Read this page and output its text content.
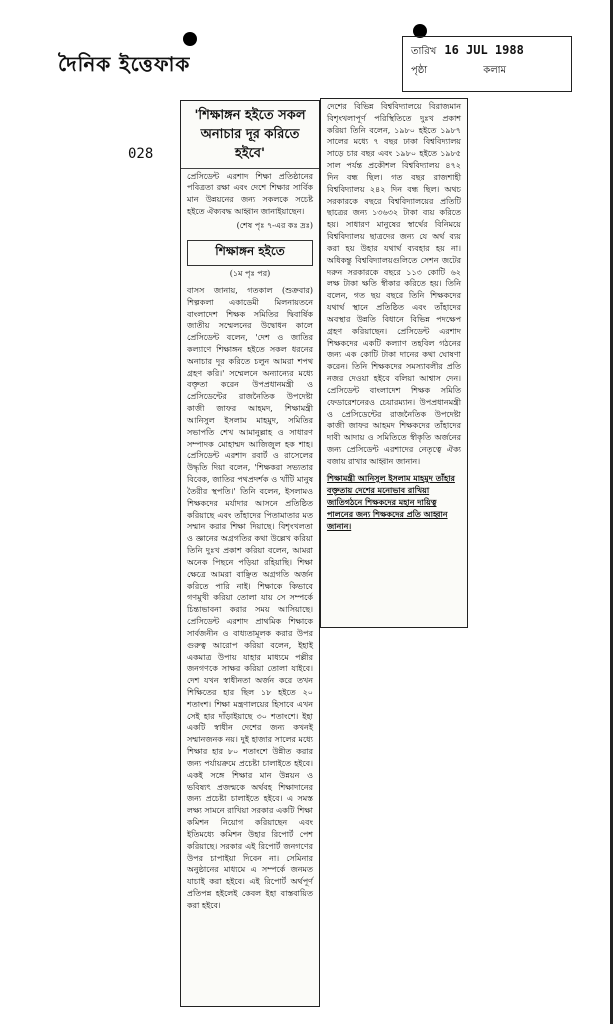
দৈনিক ইত্তেফাক
028
তারিখ 16 JUL 1988
পৃষ্ঠা	কলাম
'শিক্ষাঙ্গন হইতে সকল অনাচার দূর করিতে হইবে'
প্রেসিডেন্ট এরশাদ শিক্ষা প্রতিষ্ঠানের পবিত্রতা রক্ষা এবং দেশে শিক্ষার সার্বিক মান উন্নয়নের জন্য সকলকে সচেষ্ট হইতে ঐক্যবদ্ধ আহ্বান জানাইয়াছেন।
(শেষ পৃঃ ৭-এর কঃ দ্রঃ)
শিক্ষাঙ্গন হইতে
(১ম পৃঃ পর)
বাসস জানায়, গতকাল (শুক্রবার) শিল্পকলা একাডেমী মিলনায়তনে বাংলাদেশ শিক্ষক সমিতির দ্বিবার্ষিক জাতীয় সম্মেলনের উদ্বোধন কালে প্রেসিডেন্ট বলেন, 'দেশ ও জাতির কল্যাণে শিক্ষাঙ্গন হইতে সকল ধরনের অনাচার দূর করিতে চলুন আমরা শপথ গ্রহণ করি।' সম্মেলনে অন্যান্যের মধ্যে বক্তৃতা করেন উপপ্রধানমন্ত্রী ও প্রেসিডেন্টের রাজনৈতিক উপদেষ্টা কাজী জাফর আহমদ, শিক্ষামন্ত্রী আনিসুল ইসলাম মাহমুদ, সমিতির সভাপতি শেখ আমানুল্লাহ ও সাধারণ সম্পাদক মোহাম্মদ আজিজুল হক শাহ। প্রেসিডেন্ট এরশাদ রবার্ট ও রাসেলের উদ্ধৃতি দিয়া বলেন, 'শিক্ষকরা সভ্যতার বিবেক, জাতির পথপ্রদর্শক ও খাঁটি মানুষ তৈরীর স্থপতি।' তিনি বলেন, ইসলামও শিক্ষকদের মর্যাদার আসনে প্রতিষ্ঠিত করিয়াছে এবং তাঁহাদের পিতামাতার মত সম্মান করার শিক্ষা দিয়াছে। বিশৃংখলতা ও জ্ঞানের অগ্রগতির কথা উল্লেখ করিয়া তিনি দুঃখ প্রকাশ করিয়া বলেন, আমরা অনেক পিছনে পড়িয়া রহিয়াছি। শিক্ষা ক্ষেত্রে আমরা বাঞ্ছিত অগ্রগতি অর্জন করিতে পারি নাই। শিক্ষাকে কিভাবে গণমুখী করিয়া তোলা যায় সে সম্পর্কে চিন্তাভাবনা করার সময় আসিয়াছে। প্রেসিডেন্ট এরশাদ প্রাথমিক শিক্ষাকে সার্বজনীন ও বাধ্যতামূলক করার উপর গুরুত্ব আরোপ করিয়া বলেন, ইহাই একমাত্র উপায় যাহার মাধ্যমে পল্লীর জনগণকে সাক্ষর করিয়া তোলা যাইবে। দেশ যখন স্বাধীনতা অর্জন করে তখন শিক্ষিতের হার ছিল ১৮ হইতে ২০ শতাংশ। শিক্ষা মন্ত্রণালয়ের হিসাবে এখন সেই হার দাঁড়াইয়াছে ৩০ শতাংশে। ইহা একটি স্বাধীন দেশের জন্য কখনই সম্মানজনক নয়। দুই হাজার সালের মধ্যে শিক্ষার হার ৮০ শতাংশে উন্নীত করার জন্য পর্যায়ক্রমে প্রচেষ্টা চালাইতে হইবে। একই সঙ্গে শিক্ষার মান উন্নয়ন ও ভবিষ্যৎ প্রজন্মকে অর্থবহ শিক্ষাদানের জন্য প্রচেষ্টা চালাইতে হইবে। এ সমস্ত লক্ষ্য সামনে রাখিয়া সরকার একটি শিক্ষা কমিশন নিয়োগ করিয়াছেন এবং ইতিমধ্যে কমিশন উহার রিপোর্ট পেশ করিয়াছে। সরকার এই রিপোর্ট জনগণের উপর চাপাইয়া দিবেন না। সেমিনার অনুষ্ঠানের মাধ্যমে এ সম্পর্কে জনমত যাচাই করা হইবে। এই রিপোর্ট অর্থপূর্ণ প্রতিপন্ন হইলেই কেবল ইহা বাস্তবায়িত করা হইবে।
দেশের বিভিন্ন বিশ্ববিদ্যালয়ে বিরাজমান বিশৃংখলাপূর্ণ পরিস্থিতিতে দুঃখ প্রকাশ করিয়া তিনি বলেন, ১৯৮০ হইতে ১৯৮৭ সালের মধ্যে ৭ বছর ঢাকা বিশ্ববিদ্যালয় সাড়ে চার বছর এবং ১৯৮০ হইতে ১৯৮৫ সাল পর্যন্ত প্রকৌশল বিশ্ববিদ্যালয় ৪৭২ দিন বন্ধ ছিল। গত বছর রাজশাহী বিশ্ববিদ্যালয় ২৪২ দিন বন্ধ ছিল। অথচ সরকারকে বছরে বিশ্ববিদ্যালয়ের প্রতিটি ছাত্রের জন্য ১৩৬৩২ টাকা ব্যয় করিতে হয়। সাধারণ মানুষের স্বার্থের বিনিময়ে বিশ্ববিদ্যালয় ছাত্রদের জন্য যে অর্থ ব্যয় করা হয় উহার যথার্থ ব্যবহার হয় না। অধিকন্তু বিশ্ববিদ্যালয়গুলিতে সেশন জটের দরুন সরকারকে বছরে ১১৩ কোটি ৬২ লক্ষ টাকা ক্ষতি স্বীকার করিতে হয়। তিনি বলেন, গত ছয় বছরে তিনি শিক্ষকদের যথার্থ স্থানে প্রতিষ্ঠিত এবং তাঁহাদের অবস্থার উন্নতি বিধানে বিভিন্ন পদক্ষেপ গ্রহণ করিয়াছেন। প্রেসিডেন্ট এরশাদ শিক্ষকদের একটি কল্যাণ তহবিল গঠনের জন্য এক কোটি টাকা দানের কথা ঘোষণা করেন। তিনি শিক্ষকদের সমস্যাবলীর প্রতি নজর দেওয়া হইবে বলিয়া আশ্বাস দেন। প্রেসিডেন্ট বাংলাদেশ শিক্ষক সমিতি ফেডারেশনেরও চেয়ারম্যান। উপপ্রধানমন্ত্রী ও প্রেসিডেন্টের রাজনৈতিক উপদেষ্টা কাজী জাফর আহমদ শিক্ষকদের তাঁহাদের দাবী আদায় ও সমিতিতে স্বীকৃতি অর্জনের জন্য প্রেসিডেন্ট এরশাদের নেতৃত্বে ঐক্য বজায় রাখার আহ্বান জানান।
শিক্ষামন্ত্রী আনিসুল ইসলাম মাহমুদ তাঁহার বক্তৃতায় দেশের মনোভাব রাখিয়া জাতিগঠনে শিক্ষকদের মহান দায়িত্ব পালনের জন্য শিক্ষকদের প্রতি আহ্বান জানান।
